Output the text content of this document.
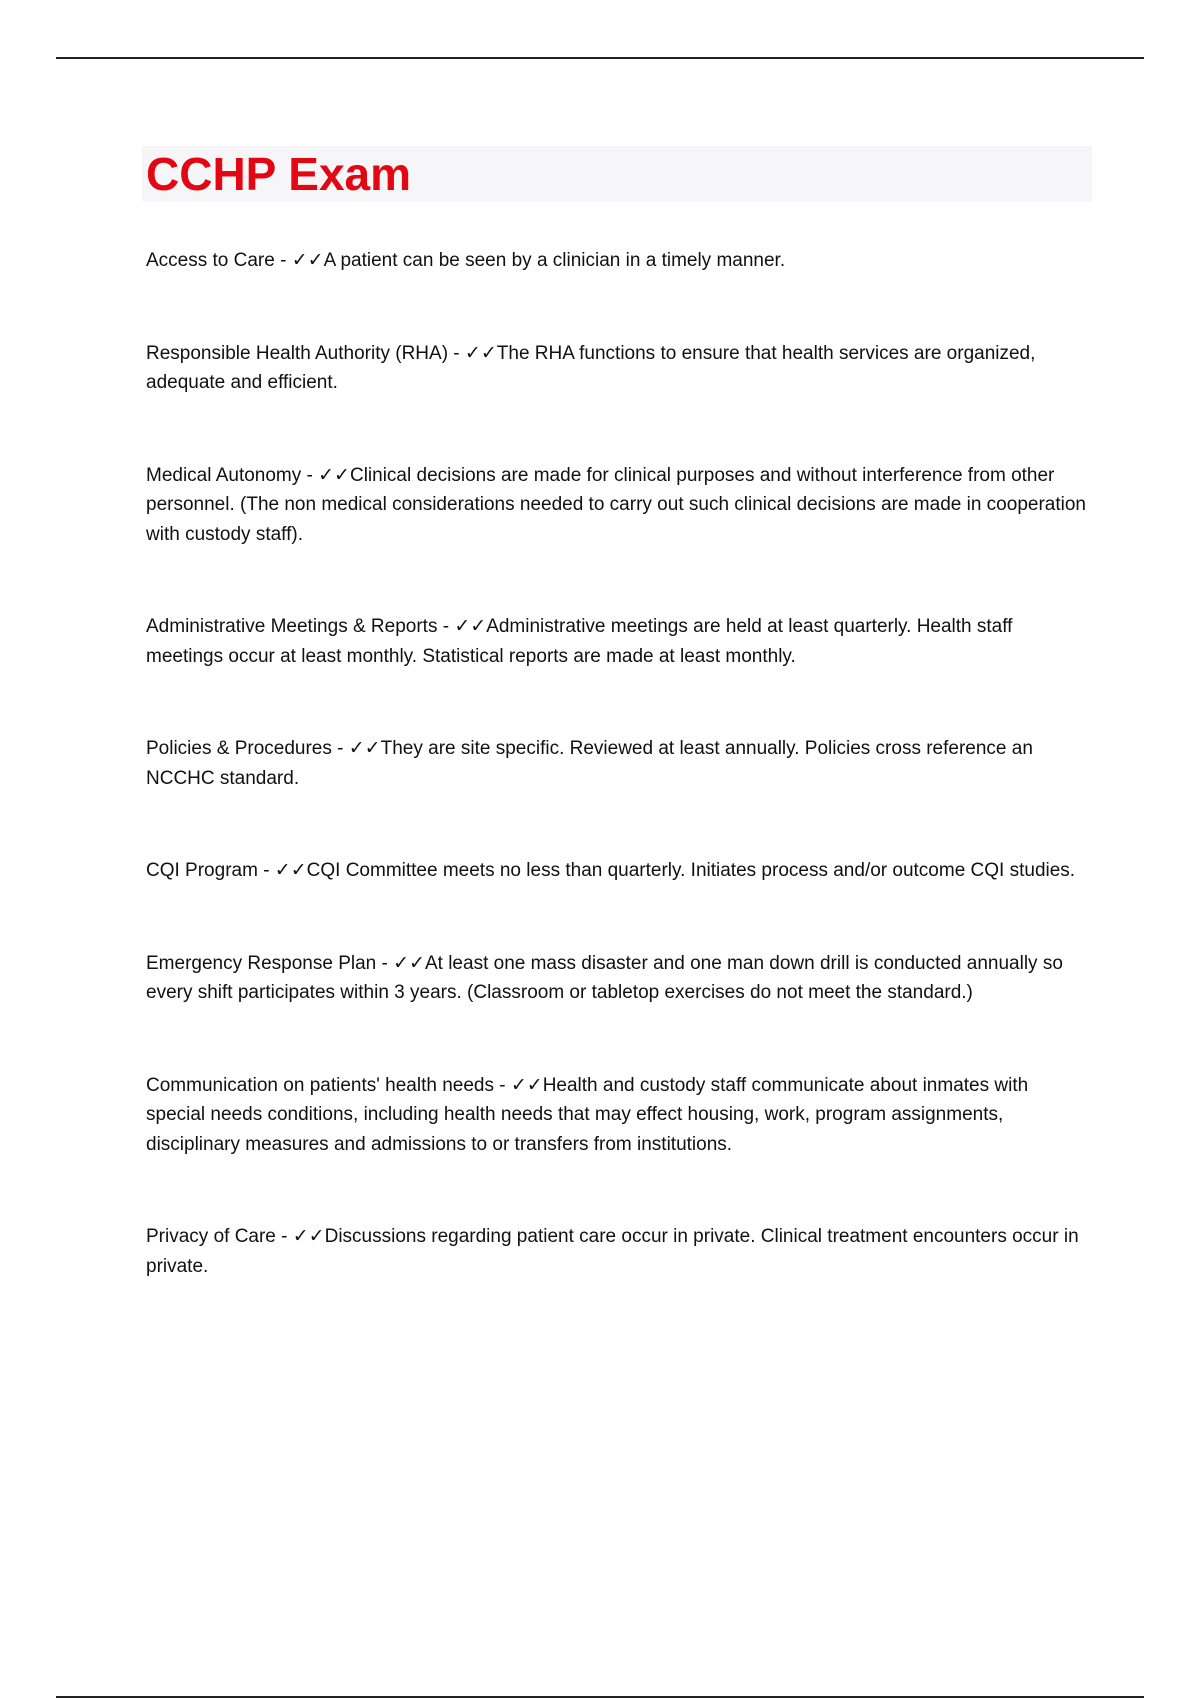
CCHP Exam

Access to Care - ✓✓A patient can be seen by a clinician in a timely manner.

Responsible Health Authority (RHA) - ✓✓The RHA functions to ensure that health services are organized, adequate and efficient.

Medical Autonomy - ✓✓Clinical decisions are made for clinical purposes and without interference from other personnel. (The non medical considerations needed to carry out such clinical decisions are made in cooperation with custody staff).

Administrative Meetings & Reports - ✓✓Administrative meetings are held at least quarterly. Health staff meetings occur at least monthly. Statistical reports are made at least monthly.

Policies & Procedures - ✓✓They are site specific. Reviewed at least annually. Policies cross reference an NCCHC standard.

CQI Program - ✓✓CQI Committee meets no less than quarterly. Initiates process and/or outcome CQI studies.

Emergency Response Plan - ✓✓At least one mass disaster and one man down drill is conducted annually so every shift participates within 3 years. (Classroom or tabletop exercises do not meet the standard.)

Communication on patients' health needs - ✓✓Health and custody staff communicate about inmates with special needs conditions, including health needs that may effect housing, work, program assignments, disciplinary measures and admissions to or transfers from institutions.

Privacy of Care - ✓✓Discussions regarding patient care occur in private. Clinical treatment encounters occur in private.
